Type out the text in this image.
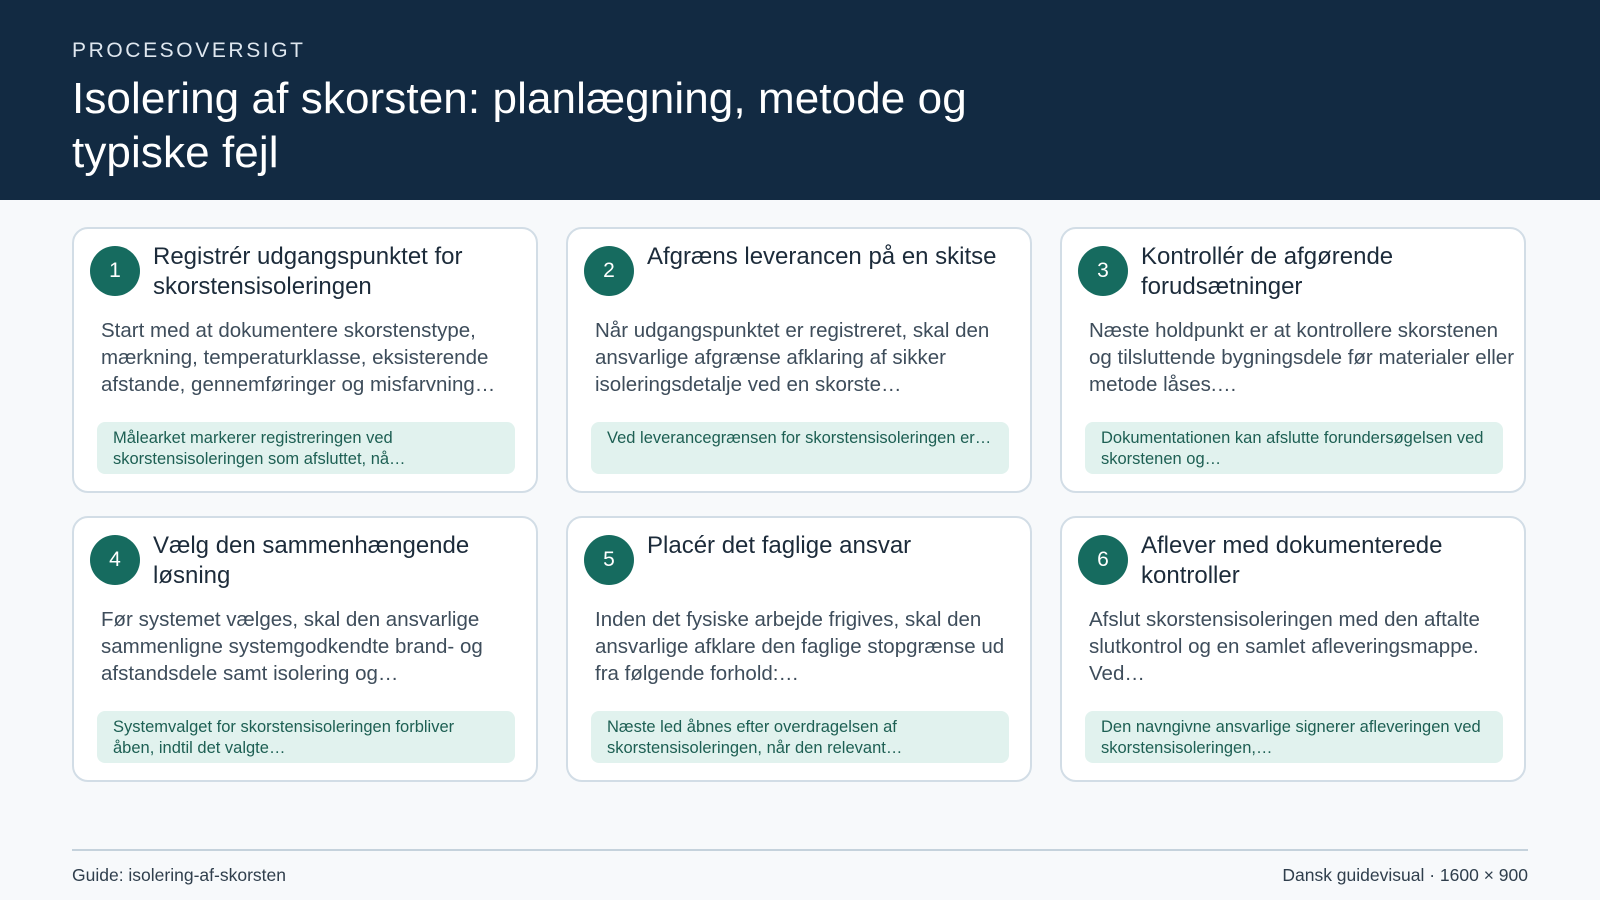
PROCESOVERSIGT
Isolering af skorsten: planlægning, metode og typiske fejl
1
Registrér udgangspunktet for skorstensisoleringen
Start med at dokumentere skorstenstype, mærkning, temperaturklasse, eksisterende afstande, gennemføringer og misfarvning…
Målearket markerer registreringen ved skorstensisoleringen som afsluttet, nå…
2
Afgræns leverancen på en skitse
Når udgangspunktet er registreret, skal den ansvarlige afgrænse afklaring af sikker isoleringsdetalje ved en skorste…
Ved leverancegrænsen for skorstensisoleringen er…
3
Kontrollér de afgørende forudsætninger
Næste holdpunkt er at kontrollere skorstenen og tilsluttende bygningsdele før materialer eller metode låses.…
Dokumentationen kan afslutte forundersøgelsen ved skorstenen og…
4
Vælg den sammenhængende løsning
Før systemet vælges, skal den ansvarlige sammenligne systemgodkendte brand- og afstandsdele samt isolering og…
Systemvalget for skorstensisoleringen forbliver åben, indtil det valgte…
5
Placér det faglige ansvar
Inden det fysiske arbejde frigives, skal den ansvarlige afklare den faglige stopgrænse ud fra følgende forhold:…
Næste led åbnes efter overdragelsen af skorstensisoleringen, når den relevant…
6
Aflever med dokumenterede kontroller
Afslut skorstensisoleringen med den aftalte slutkontrol og en samlet afleveringsmappe. Ved…
Den navngivne ansvarlige signerer afleveringen ved skorstensisoleringen,…
Guide: isolering-af-skorsten	Dansk guidevisual · 1600 × 900
